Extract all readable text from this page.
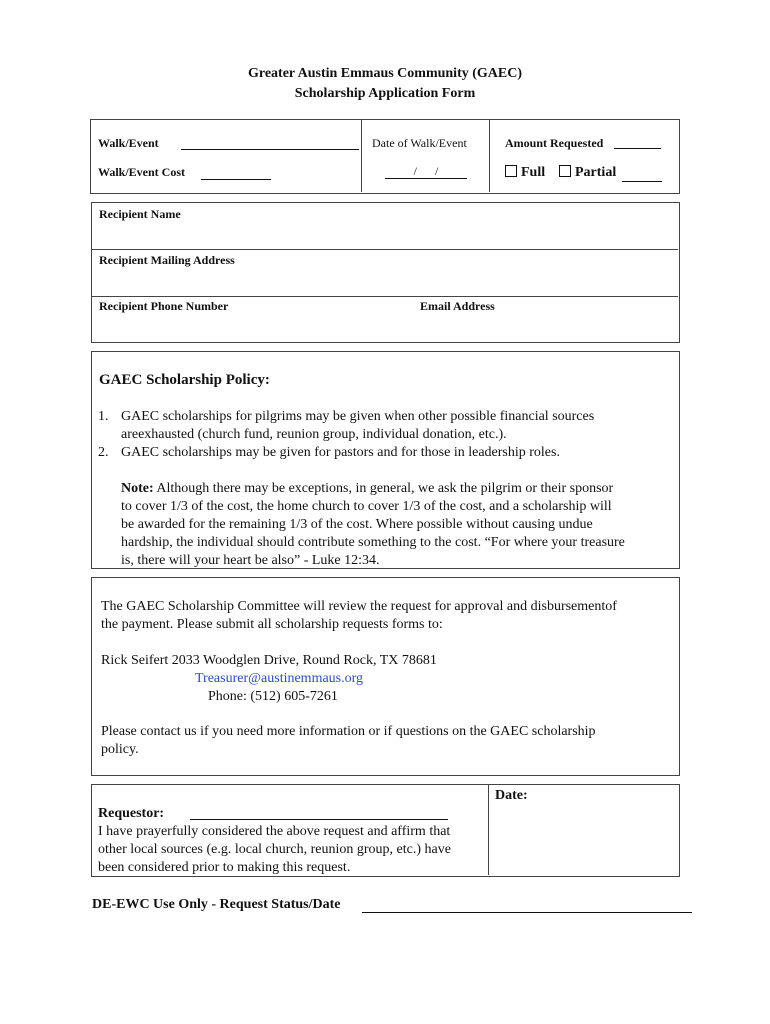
Greater Austin Emmaus Community (GAEC)
Scholarship Application Form
Walk/Event
Walk/Event Cost
Date of Walk/Event
/      /
Amount Requested
Full	Partial
Recipient Name
Recipient Mailing Address
Recipient Phone Number	Email Address
GAEC Scholarship Policy:
1. GAEC scholarships for pilgrims may be given when other possible financial sources
areexhausted (church fund, reunion group, individual donation, etc.).
2. GAEC scholarships may be given for pastors and for those in leadership roles.
Note: Although there may be exceptions, in general, we ask the pilgrim or their sponsor
to cover 1/3 of the cost, the home church to cover 1/3 of the cost, and a scholarship will
be awarded for the remaining 1/3 of the cost. Where possible without causing undue
hardship, the individual should contribute something to the cost. “For where your treasure
is, there will your heart be also” - Luke 12:34.
The GAEC Scholarship Committee will review the request for approval and disbursementof
the payment. Please submit all scholarship requests forms to:
Rick Seifert 2033 Woodglen Drive, Round Rock, TX 78681
Treasurer@austinemmaus.org
Phone: (512) 605-7261
Please contact us if you need more information or if questions on the GAEC scholarship
policy.
Requestor:
I have prayerfully considered the above request and affirm that
other local sources (e.g. local church, reunion group, etc.) have
been considered prior to making this request.
Date:
DE-EWC Use Only - Request Status/Date
